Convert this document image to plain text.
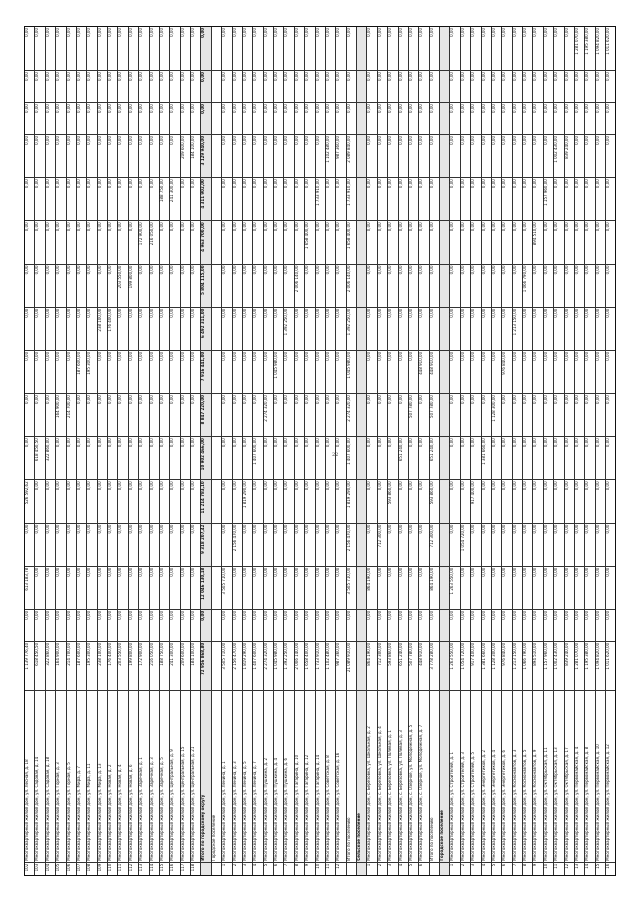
102
Многоквартирный жилой дом, ул. Лесная, д. 18
1 139 776,40
0,00
613 183,78
0,00
526 592,62
0,00
0,00
0,00
0,00
0,00
0,00
0,00
0,00
0,00
0,00
0,00
103
Многоквартирный жилой дом, ул. Садовая, д. 14
618 450,50
0,00
0,00
0,00
0,00
618 450,50
0,00
0,00
0,00
0,00
0,00
0,00
0,00
0,00
0,00
0,00
104
Многоквартирный жилой дом, ул. Садовая, д. 18
322 860,00
0,00
0,00
0,00
0,00
322 860,00
0,00
0,00
0,00
0,00
0,00
0,00
0,00
0,00
0,00
0,00
105
Многоквартирный жилой дом, ул. Горная, д. 3
164 900,00
0,00
0,00
0,00
0,00
0,00
164 900,00
0,00
0,00
0,00
0,00
0,00
0,00
0,00
0,00
0,00
106
Многоквартирный жилой дом, ул. Горная, д. 5
214 700,00
0,00
0,00
0,00
0,00
0,00
214 700,00
0,00
0,00
0,00
0,00
0,00
0,00
0,00
0,00
0,00
107
Многоквартирный жилой дом, ул. Мира, д. 7
187 600,00
0,00
0,00
0,00
0,00
0,00
0,00
187 600,00
0,00
0,00
0,00
0,00
0,00
0,00
0,00
0,00
108
Многоквартирный жилой дом, ул. Мира, д. 11
195 300,00
0,00
0,00
0,00
0,00
0,00
0,00
195 300,00
0,00
0,00
0,00
0,00
0,00
0,00
0,00
0,00
109
Многоквартирный жилой дом, ул. Мира, д. 13
238 100,00
0,00
0,00
0,00
0,00
0,00
0,00
0,00
238 100,00
0,00
0,00
0,00
0,00
0,00
0,00
0,00
110
Многоквартирный жилой дом, ул. Новая, д. 2
176 400,00
0,00
0,00
0,00
0,00
0,00
0,00
0,00
176 400,00
0,00
0,00
0,00
0,00
0,00
0,00
0,00
111
Многоквартирный жилой дом, ул. Новая, д. 4
203 550,00
0,00
0,00
0,00
0,00
0,00
0,00
0,00
0,00
203 550,00
0,00
0,00
0,00
0,00
0,00
0,00
112
Многоквартирный жилой дом, ул. Новая, д. 6
199 800,00
0,00
0,00
0,00
0,00
0,00
0,00
0,00
0,00
199 800,00
0,00
0,00
0,00
0,00
0,00
0,00
113
Многоквартирный жилой дом, ул. Заречная, д. 1
172 900,00
0,00
0,00
0,00
0,00
0,00
0,00
0,00
0,00
0,00
172 900,00
0,00
0,00
0,00
0,00
0,00
114
Многоквартирный жилой дом, ул. Заречная, д. 3
216 050,00
0,00
0,00
0,00
0,00
0,00
0,00
0,00
0,00
0,00
216 050,00
0,00
0,00
0,00
0,00
0,00
115
Многоквартирный жилой дом, ул. Заречная, д. 5
188 750,00
0,00
0,00
0,00
0,00
0,00
0,00
0,00
0,00
0,00
0,00
188 750,00
0,00
0,00
0,00
0,00
116
Многоквартирный жилой дом, ул. Центральная, д. 9
241 300,00
0,00
0,00
0,00
0,00
0,00
0,00
0,00
0,00
0,00
0,00
241 300,00
0,00
0,00
0,00
0,00
117
Многоквартирный жилой дом, ул. Центральная, д. 15
209 600,00
0,00
0,00
0,00
0,00
0,00
0,00
0,00
0,00
0,00
0,00
0,00
209 600,00
0,00
0,00
0,00
118
Многоквартирный жилой дом, ул. Центральная, д. 21
184 100,00
0,00
0,00
0,00
0,00
0,00
0,00
0,00
0,00
0,00
0,00
0,00
184 100,00
0,00
0,00
0,00
Итого по городскому округу
72 956 868,80
0,00
12 046 130,18
9 318 207,42
11 214 783,10
10 902 466,00
8 847 220,00
7 916 441,00
6 492 311,00
5 804 115,00
4 963 700,00
4 311 902,00
3 129 940,00
0,00
0,00
0,00
Городское поселение
1
Многоквартирный жилой дом, ул. Ленина, д. 1
3 505 710,00
0,00
3 505 710,00
0,00
0,00
0,00
0,00
0,00
0,00
0,00
0,00
0,00
0,00
0,00
0,00
0,00
2
Многоквартирный жилой дом, ул. Ленина, д. 3
2 156 470,00
0,00
0,00
2 156 470,00
0,00
0,00
0,00
0,00
0,00
0,00
0,00
0,00
0,00
0,00
0,00
0,00
3
Многоквартирный жилой дом, ул. Ленина, д. 5
1 819 290,00
0,00
0,00
0,00
1 819 290,00
0,00
0,00
0,00
0,00
0,00
0,00
0,00
0,00
0,00
0,00
0,00
4
Многоквартирный жилой дом, ул. Ленина, д. 7
1 407 600,00
0,00
0,00
0,00
0,00
1 407 600,00
0,00
0,00
0,00
0,00
0,00
0,00
0,00
0,00
0,00
0,00
5
Многоквартирный жилой дом, ул. Пушкина, д. 2
2 274 320,00
0,00
0,00
0,00
0,00
0,00
2 274 320,00
0,00
0,00
0,00
0,00
0,00
0,00
0,00
0,00
0,00
6
Многоквартирный жилой дом, ул. Пушкина, д. 4
1 045 980,00
0,00
0,00
0,00
0,00
0,00
0,00
1 045 980,00
0,00
0,00
0,00
0,00
0,00
0,00
0,00
0,00
7
Многоквартирный жилой дом, ул. Пушкина, д. 6
1 392 250,00
0,00
0,00
0,00
0,00
0,00
0,00
0,00
1 392 250,00
0,00
0,00
0,00
0,00
0,00
0,00
0,00
8
Многоквартирный жилой дом, ул. Гагарина, д. 10
2 006 140,00
0,00
0,00
0,00
0,00
0,00
0,00
0,00
0,00
2 006 140,00
0,00
0,00
0,00
0,00
0,00
0,00
9
Многоквартирный жилой дом, ул. Гагарина, д. 12
1 658 400,00
0,00
0,00
0,00
0,00
0,00
0,00
0,00
0,00
0,00
1 658 400,00
0,00
0,00
0,00
0,00
0,00
10
Многоквартирный жилой дом, ул. Гагарина, д. 14
1 733 910,00
0,00
0,00
0,00
0,00
0,00
0,00
0,00
0,00
0,00
0,00
1 733 910,00
0,00
0,00
0,00
0,00
11
Многоквартирный жилой дом, ул. Советская, д. 8
1 102 480,00
0,00
0,00
0,00
0,00
0,00
0,00
0,00
0,00
0,00
0,00
0,00
1 102 480,00
0,00
0,00
0,00
12
Многоквартирный жилой дом, ул. Советская, д. 16
987 360,00
0,00
0,00
0,00
0,00
0,00
0,00
0,00
0,00
0,00
0,00
0,00
987 360,00
0,00
0,00
0,00
Итого по поселению
21 089 910,00
0,00
3 505 710,00
2 156 470,00
1 819 290,00
1 407 600,00
2 274 320,00
1 045 980,00
1 392 250,00
2 006 140,00
1 658 400,00
1 733 910,00
2 089 840,00
0,00
0,00
0,00
Сельское поселение
1
Многоквартирный жилой дом, с. Березовка, ул. Школьная, д. 2
864 190,00
0,00
864 190,00
0,00
0,00
0,00
0,00
0,00
0,00
0,00
0,00
0,00
0,00
0,00
0,00
0,00
2
Многоквартирный жилой дом, с. Березовка, ул. Школьная, д. 4
712 300,00
0,00
0,00
712 300,00
0,00
0,00
0,00
0,00
0,00
0,00
0,00
0,00
0,00
0,00
0,00
0,00
3
Многоквартирный жилой дом, с. Березовка, ул. Полевая, д. 1
593 860,00
0,00
0,00
0,00
593 860,00
0,00
0,00
0,00
0,00
0,00
0,00
0,00
0,00
0,00
0,00
0,00
4
Многоквартирный жилой дом, с. Березовка, ул. Полевая, д. 3
651 240,00
0,00
0,00
0,00
0,00
651 240,00
0,00
0,00
0,00
0,00
0,00
0,00
0,00
0,00
0,00
0,00
5
Многоквартирный жилой дом, с. Озерное, ул. Молодежная, д. 5
507 780,00
0,00
0,00
0,00
0,00
0,00
507 780,00
0,00
0,00
0,00
0,00
0,00
0,00
0,00
0,00
0,00
6
Многоквартирный жилой дом, с. Озерное, ул. Молодежная, д. 7
448 910,00
0,00
0,00
0,00
0,00
0,00
0,00
448 910,00
0,00
0,00
0,00
0,00
0,00
0,00
0,00
0,00
Итого по поселению
3 778 280,00
0,00
864 190,00
712 300,00
593 860,00
651 240,00
507 780,00
448 910,00
0,00
0,00
0,00
0,00
0,00
0,00
0,00
0,00
Городское поселение
1
Многоквартирный жилой дом, ул. Строителей, д. 1
1 263 550,00
0,00
1 263 550,00
0,00
0,00
0,00
0,00
0,00
0,00
0,00
0,00
0,00
0,00
0,00
0,00
0,00
2
Многоквартирный жилой дом, ул. Строителей, д. 3
1 054 720,00
0,00
0,00
1 054 720,00
0,00
0,00
0,00
0,00
0,00
0,00
0,00
0,00
0,00
0,00
0,00
0,00
3
Многоквартирный жилой дом, ул. Строителей, д. 5
917 400,00
0,00
0,00
0,00
917 400,00
0,00
0,00
0,00
0,00
0,00
0,00
0,00
0,00
0,00
0,00
0,00
4
Многоквартирный жилой дом, ул. Энергетиков, д. 2
1 381 660,00
0,00
0,00
0,00
0,00
1 381 660,00
0,00
0,00
0,00
0,00
0,00
0,00
0,00
0,00
0,00
0,00
5
Многоквартирный жилой дом, ул. Энергетиков, д. 4
1 128 300,00
0,00
0,00
0,00
0,00
0,00
1 128 300,00
0,00
0,00
0,00
0,00
0,00
0,00
0,00
0,00
0,00
6
Многоквартирный жилой дом, ул. Энергетиков, д. 6
976 840,00
0,00
0,00
0,00
0,00
0,00
0,00
976 840,00
0,00
0,00
0,00
0,00
0,00
0,00
0,00
0,00
7
Многоквартирный жилой дом, ул. Космонавтов, д. 3
1 213 150,00
0,00
0,00
0,00
0,00
0,00
0,00
0,00
1 213 150,00
0,00
0,00
0,00
0,00
0,00
0,00
0,00
8
Многоквартирный жилой дом, ул. Космонавтов, д. 5
1 066 790,00
0,00
0,00
0,00
0,00
0,00
0,00
0,00
0,00
1 066 790,00
0,00
0,00
0,00
0,00
0,00
0,00
9
Многоквартирный жилой дом, ул. Космонавтов, д. 9
894 510,00
0,00
0,00
0,00
0,00
0,00
0,00
0,00
0,00
0,00
894 510,00
0,00
0,00
0,00
0,00
0,00
10
Многоквартирный жилой дом, ул. Октябрьская, д. 11
1 157 960,00
0,00
0,00
0,00
0,00
0,00
0,00
0,00
0,00
0,00
0,00
1 157 960,00
0,00
0,00
0,00
0,00
11
Многоквартирный жилой дом, ул. Октябрьская, д. 13
1 002 430,00
0,00
0,00
0,00
0,00
0,00
0,00
0,00
0,00
0,00
0,00
0,00
1 002 430,00
0,00
0,00
0,00
12
Многоквартирный жилой дом, ул. Октябрьская, д. 17
839 240,00
0,00
0,00
0,00
0,00
0,00
0,00
0,00
0,00
0,00
0,00
0,00
839 240,00
0,00
0,00
0,00
13
Многоквартирный жилой дом, ул. Первомайская, д. 4
1 281 070,00
0,00
0,00
0,00
0,00
0,00
0,00
0,00
0,00
0,00
0,00
0,00
0,00
0,00
0,00
1 281 070,00
14
Многоквартирный жилой дом, ул. Первомайская, д. 8
1 195 380,00
0,00
0,00
0,00
0,00
0,00
0,00
0,00
0,00
0,00
0,00
0,00
0,00
0,00
0,00
1 195 380,00
15
Многоквартирный жилой дом, ул. Первомайская, д. 10
1 094 820,00
0,00
0,00
0,00
0,00
0,00
0,00
0,00
0,00
0,00
0,00
0,00
0,00
0,00
0,00
1 094 820,00
16
Многоквартирный жилой дом, ул. Первомайская, д. 12
1 011 620,00
0,00
0,00
0,00
0,00
0,00
0,00
0,00
0,00
0,00
0,00
0,00
0,00
0,00
0,00
1 011 620,00
22
